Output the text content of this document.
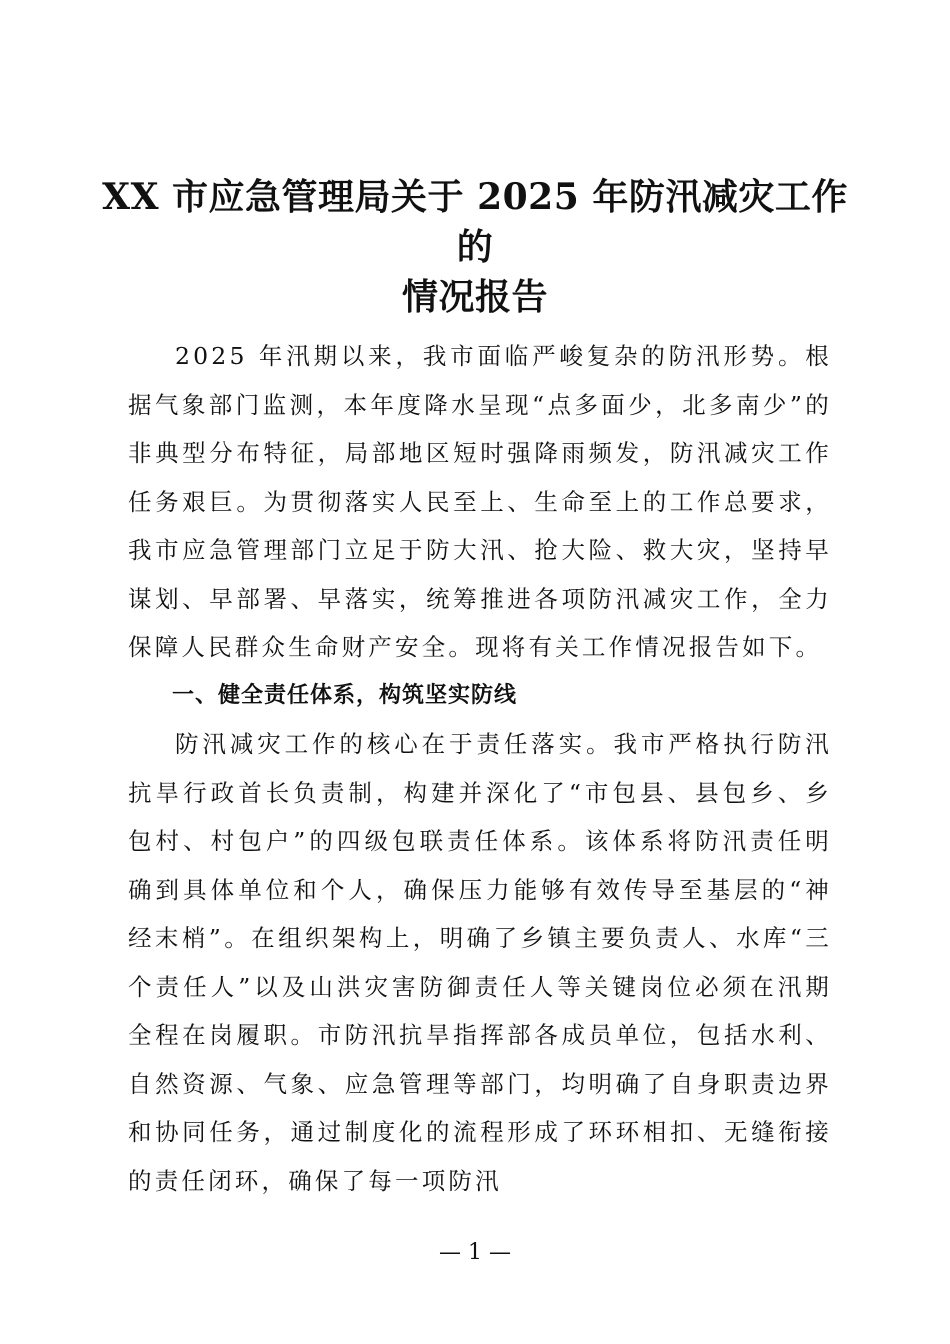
XX 市应急管理局关于 2025 年防汛减灾工作的
情况报告

2025 年汛期以来，我市面临严峻复杂的防汛形势。根据气象部门监测，本年度降水呈现“点多面少，北多南少”的非典型分布特征，局部地区短时强降雨频发，防汛减灾工作任务艰巨。为贯彻落实人民至上、生命至上的工作总要求，我市应急管理部门立足于防大汛、抢大险、救大灾，坚持早谋划、早部署、早落实，统筹推进各项防汛减灾工作，全力保障人民群众生命财产安全。现将有关工作情况报告如下。

一、健全责任体系，构筑坚实防线

防汛减灾工作的核心在于责任落实。我市严格执行防汛抗旱行政首长负责制，构建并深化了“市包县、县包乡、乡包村、村包户”的四级包联责任体系。该体系将防汛责任明确到具体单位和个人，确保压力能够有效传导至基层的“神经末梢”。在组织架构上，明确了乡镇主要负责人、水库“三个责任人”以及山洪灾害防御责任人等关键岗位必须在汛期全程在岗履职。市防汛抗旱指挥部各成员单位，包括水利、自然资源、气象、应急管理等部门，均明确了自身职责边界和协同任务，通过制度化的流程形成了环环相扣、无缝衔接的责任闭环，确保了每一项防汛

— 1 —
